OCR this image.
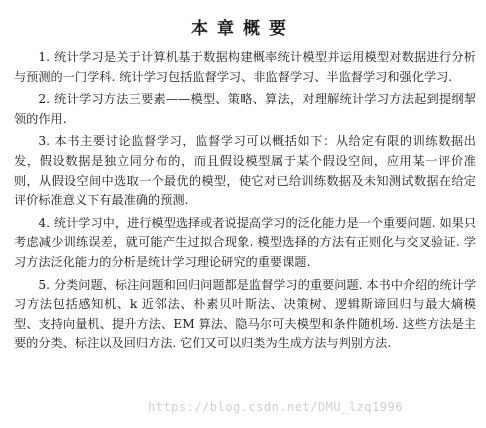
本章概要

1. 统计学习是关于计算机基于数据构建概率统计模型并运用模型对数据进行分析与预测的一门学科. 统计学习包括监督学习、非监督学习、半监督学习和强化学习.

2. 统计学习方法三要素——模型、策略、算法，对理解统计学习方法起到提纲挈领的作用.

3. 本书主要讨论监督学习，监督学习可以概括如下：从给定有限的训练数据出发，假设数据是独立同分布的，而且假设模型属于某个假设空间，应用某一评价准则，从假设空间中选取一个最优的模型，使它对已给训练数据及未知测试数据在给定评价标准意义下有最准确的预测.

4. 统计学习中，进行模型选择或者说提高学习的泛化能力是一个重要问题. 如果只考虑减少训练误差，就可能产生过拟合现象. 模型选择的方法有正则化与交叉验证. 学习方法泛化能力的分析是统计学习理论研究的重要课题.

5. 分类问题、标注问题和回归问题都是监督学习的重要问题. 本书中介绍的统计学习方法包括感知机、k 近邻法、朴素贝叶斯法、决策树、逻辑斯谛回归与最大熵模型、支持向量机、提升方法、EM 算法、隐马尔可夫模型和条件随机场. 这些方法是主要的分类、标注以及回归方法. 它们又可以归类为生成方法与判别方法.

https://blog.csdn.net/DMU_lzq1996
